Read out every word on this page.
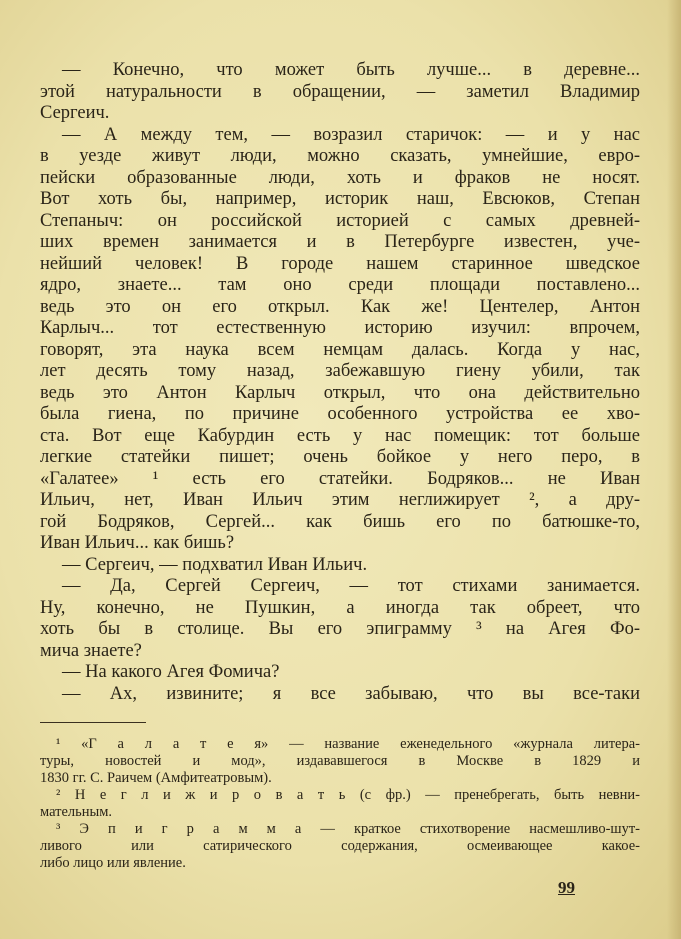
— Конечно, что может быть лучше... в деревне...
этой натуральности в обращении, — заметил Владимир
Сергеич.
— А между тем, — возразил старичок: — и у нас
в уезде живут люди, можно сказать, умнейшие, евро-
пейски образованные люди, хоть и фраков не носят.
Вот хоть бы, например, историк наш, Евсюков, Степан
Степаныч: он российской историей с самых древней-
ших времен занимается и в Петербурге известен, уче-
нейший человек! В городе нашем старинное шведское
ядро, знаете... там оно среди площади поставлено...
ведь это он его открыл. Как же! Центелер, Антон
Карлыч... тот естественную историю изучил: впрочем,
говорят, эта наука всем немцам далась. Когда у нас,
лет десять тому назад, забежавшую гиену убили, так
ведь это Антон Карлыч открыл, что она действительно
была гиена, по причине особенного устройства ее хво-
ста. Вот еще Кабурдин есть у нас помещик: тот больше
легкие статейки пишет; очень бойкое у него перо, в
«Галатее» ¹ есть его статейки. Бодряков... не Иван
Ильич, нет, Иван Ильич этим неглижирует ², а дру-
гой Бодряков, Сергей... как бишь его по батюшке-то,
Иван Ильич... как бишь?
— Сергеич, — подхватил Иван Ильич.
— Да, Сергей Сергеич, — тот стихами занимается.
Ну, конечно, не Пушкин, а иногда так обреет, что
хоть бы в столице. Вы его эпиграмму ³ на Агея Фо-
мича знаете?
— На какого Агея Фомича?
— Ах, извините; я все забываю, что вы все-таки
¹ «Г а л а т е я» — название еженедельного «журнала литера-
туры, новостей и мод», издававшегося в Москве в 1829 и
1830 гг. С. Раичем (Амфитеатровым).
² Н е г л и ж и р о в а т ь (с фр.) — пренебрегать, быть невни-
мательным.
³ Э п и г р а м м а — краткое стихотворение насмешливо-шут-
ливого или сатирического содержания, осмеивающее какое-
либо лицо или явление.
99
